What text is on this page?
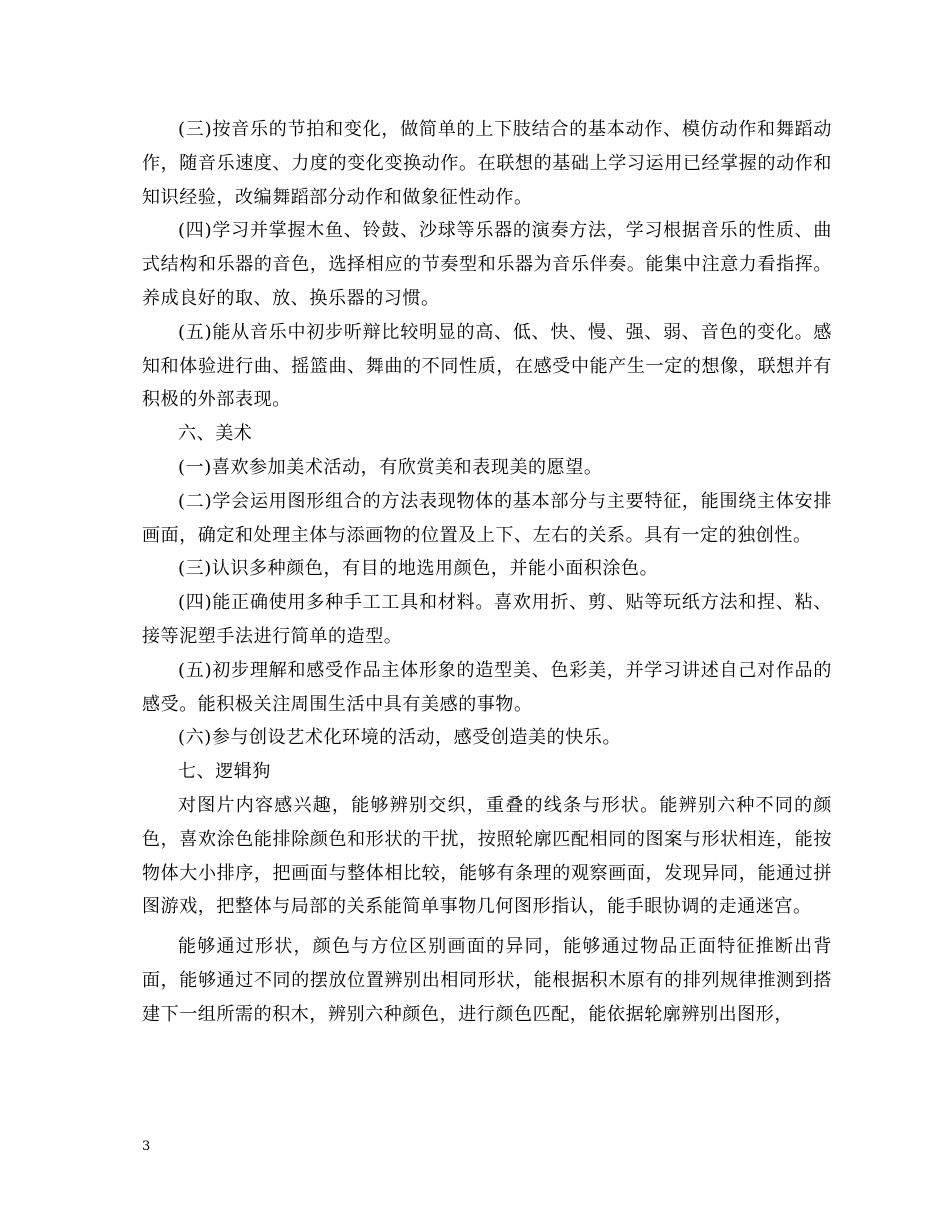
(三)按音乐的节拍和变化，做简单的上下肢结合的基本动作、模仿动作和舞蹈动作，随音乐速度、力度的变化变换动作。在联想的基础上学习运用已经掌握的动作和知识经验，改编舞蹈部分动作和做象征性动作。

(四)学习并掌握木鱼、铃鼓、沙球等乐器的演奏方法，学习根据音乐的性质、曲式结构和乐器的音色，选择相应的节奏型和乐器为音乐伴奏。能集中注意力看指挥。养成良好的取、放、换乐器的习惯。

(五)能从音乐中初步听辩比较明显的高、低、快、慢、强、弱、音色的变化。感知和体验进行曲、摇篮曲、舞曲的不同性质，在感受中能产生一定的想像，联想并有积极的外部表现。

六、美术

(一)喜欢参加美术活动，有欣赏美和表现美的愿望。

(二)学会运用图形组合的方法表现物体的基本部分与主要特征，能围绕主体安排画面，确定和处理主体与添画物的位置及上下、左右的关系。具有一定的独创性。

(三)认识多种颜色，有目的地选用颜色，并能小面积涂色。

(四)能正确使用多种手工工具和材料。喜欢用折、剪、贴等玩纸方法和捏、粘、接等泥塑手法进行简单的造型。

(五)初步理解和感受作品主体形象的造型美、色彩美，并学习讲述自己对作品的感受。能积极关注周围生活中具有美感的事物。

(六)参与创设艺术化环境的活动，感受创造美的快乐。

七、逻辑狗

对图片内容感兴趣，能够辨别交织，重叠的线条与形状。能辨别六种不同的颜色，喜欢涂色能排除颜色和形状的干扰，按照轮廓匹配相同的图案与形状相连，能按物体大小排序，把画面与整体相比较，能够有条理的观察画面，发现异同，能通过拼图游戏，把整体与局部的关系能简单事物几何图形指认，能手眼协调的走通迷宫。

能够通过形状，颜色与方位区别画面的异同，能够通过物品正面特征推断出背面，能够通过不同的摆放位置辨别出相同形状，能根据积木原有的排列规律推测到搭建下一组所需的积木，辨别六种颜色，进行颜色匹配，能依据轮廓辨别出图形，

3
